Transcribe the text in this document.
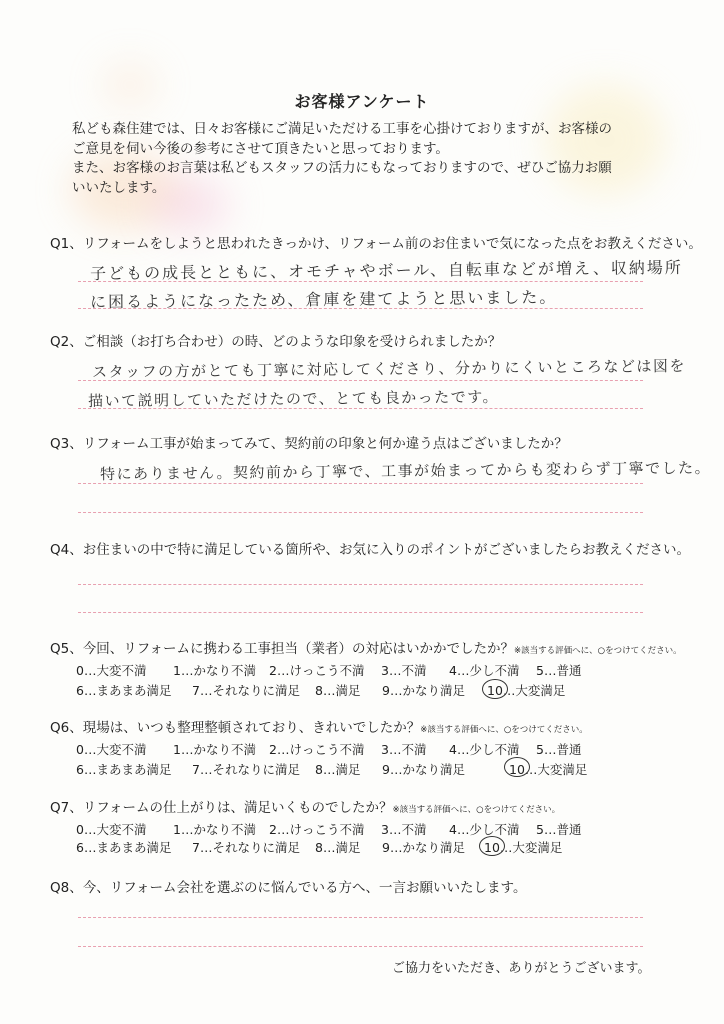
お客様アンケート
私ども森住建では、日々お客様にご満足いただける工事を心掛けておりますが、お客様の
ご意見を伺い今後の参考にさせて頂きたいと思っております。
また、お客様のお言葉は私どもスタッフの活力にもなっておりますので、ぜひご協力お願
いいたします。
Q1、リフォームをしようと思われたきっかけ、リフォーム前のお住まいで気になった点をお教えください。
子どもの成長とともに、オモチャやボール、自転車などが増え、収納場所
に困るようになったため、倉庫を建てようと思いました。
Q2、ご相談（お打ち合わせ）の時、どのような印象を受けられましたか？
スタッフの方がとても丁寧に対応してくださり、分かりにくいところなどは図を
描いて説明していただけたので、とても良かったです。
Q3、リフォーム工事が始まってみて、契約前の印象と何か違う点はございましたか？
特にありません。契約前から丁寧で、工事が始まってからも変わらず丁寧でした。
Q4、お住まいの中で特に満足している箇所や、お気に入りのポイントがございましたらお教えください。
Q5、今回、リフォームに携わる工事担当（業者）の対応はいかかでしたか？※該当する評価へに、○をつけてください。
0…大変不満 1…かなり不満 2…けっこう不満 3…不満 4…少し不満 5…普通
6…まあまあ満足 7…それなりに満足 8…満足 9…かなり満足 10…大変満足
Q6、現場は、いつも整理整頓されており、きれいでしたか？※該当する評価へに、○をつけてください。
0…大変不満 1…かなり不満 2…けっこう不満 3…不満 4…少し不満 5…普通
6…まあまあ満足 7…それなりに満足 8…満足 9…かなり満足	10…大変満足
Q7、リフォームの仕上がりは、満足いくものでしたか？※該当する評価へに、○をつけてください。
0…大変不満 1…かなり不満 2…けっこう不満 3…不満 4…少し不満 5…普通
6…まあまあ満足 7…それなりに満足 8…満足 9…かなり満足 10…大変満足
Q8、今、リフォーム会社を選ぶのに悩んでいる方へ、一言お願いいたします。
ご協力をいただき、ありがとうございます。
